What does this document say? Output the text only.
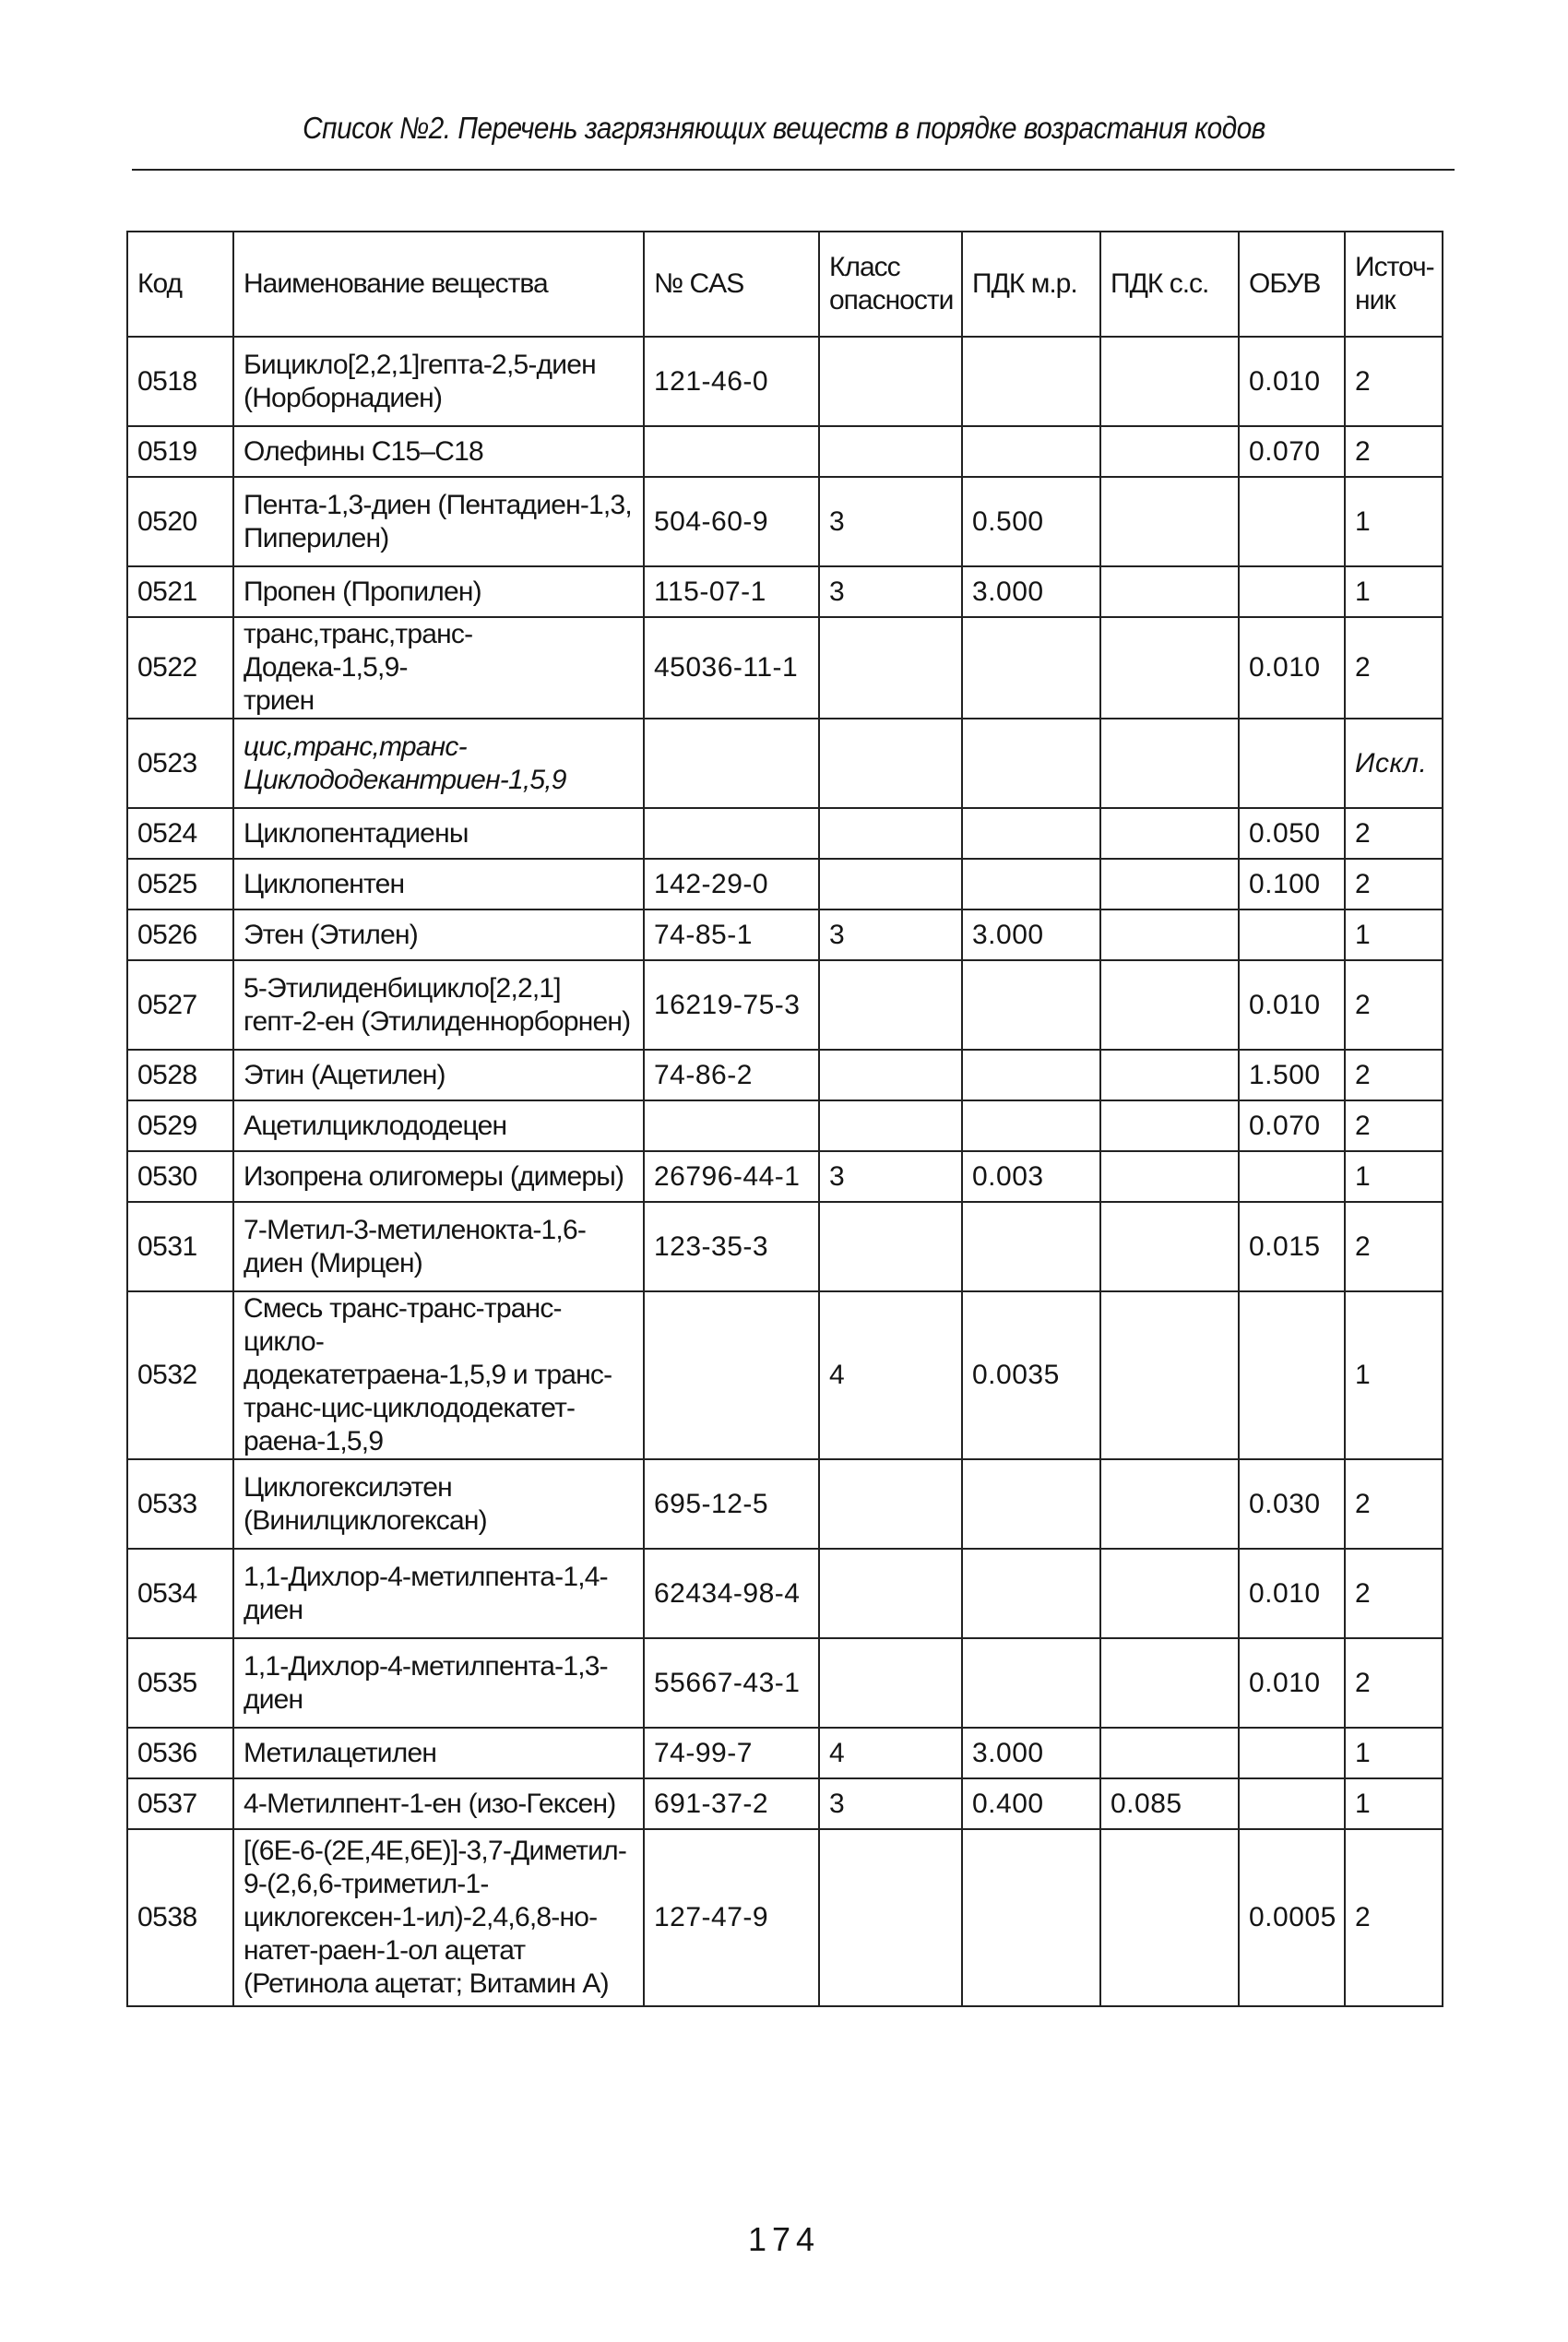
Список №2. Перечень загрязняющих веществ в порядке возрастания кодов
Код	Наименование вещества	№ CAS	Класс
опасности	ПДК м.р.	ПДК с.с.	ОБУВ	Источ-
ник
0518	Бицикло[2,2,1]гепта-2,5-диен
(Норборнадиен)	121-46-0				0.010	2
0519	Олефины C15–C18					0.070	2
0520	Пента-1,3-диен (Пентадиен-1,3,
Пиперилен)	504-60-9	3	0.500			1
0521	Пропен (Пропилен)	115-07-1	3	3.000			1
0522	транс,транс,транс-Додека-1,5,9-
триен	45036-11-1				0.010	2
0523	цис,транс,транс-
Циклододекантриен-1,5,9						Искл.
0524	Циклопентадиены					0.050	2
0525	Циклопентен	142-29-0				0.100	2
0526	Этен (Этилен)	74-85-1	3	3.000			1
0527	5-Этилиденбицикло[2,2,1]
гепт-2-ен (Этилиденнорборнен)	16219-75-3				0.010	2
0528	Этин (Ацетилен)	74-86-2				1.500	2
0529	Ацетилциклододецен					0.070	2
0530	Изопрена олигомеры (димеры)	26796-44-1	3	0.003			1
0531	7-Метил-3-метиленокта-1,6-
диен (Мирцен)	123-35-3				0.015	2
0532	Смесь транс-транс-транс-цикло-
додекатетраена-1,5,9 и транс-
транс-цис-циклододекатет-
раена-1,5,9		4	0.0035			1
0533	Циклогексилэтен
(Винилциклогексан)	695-12-5				0.030	2
0534	1,1-Дихлор-4-метилпента-1,4-
диен	62434-98-4				0.010	2
0535	1,1-Дихлор-4-метилпента-1,3-
диен	55667-43-1				0.010	2
0536	Метилацетилен	74-99-7	4	3.000			1
0537	4-Метилпент-1-ен (изо-Гексен)	691-37-2	3	0.400	0.085		1
0538	[(6E-6-(2E,4E,6E)]-3,7-Диметил-
9-(2,6,6-триметил-1-
циклогексен-1-ил)-2,4,6,8-но-
натет-раен-1-ол ацетат
(Ретинола ацетат; Витамин А)	127-47-9				0.0005	2
174
